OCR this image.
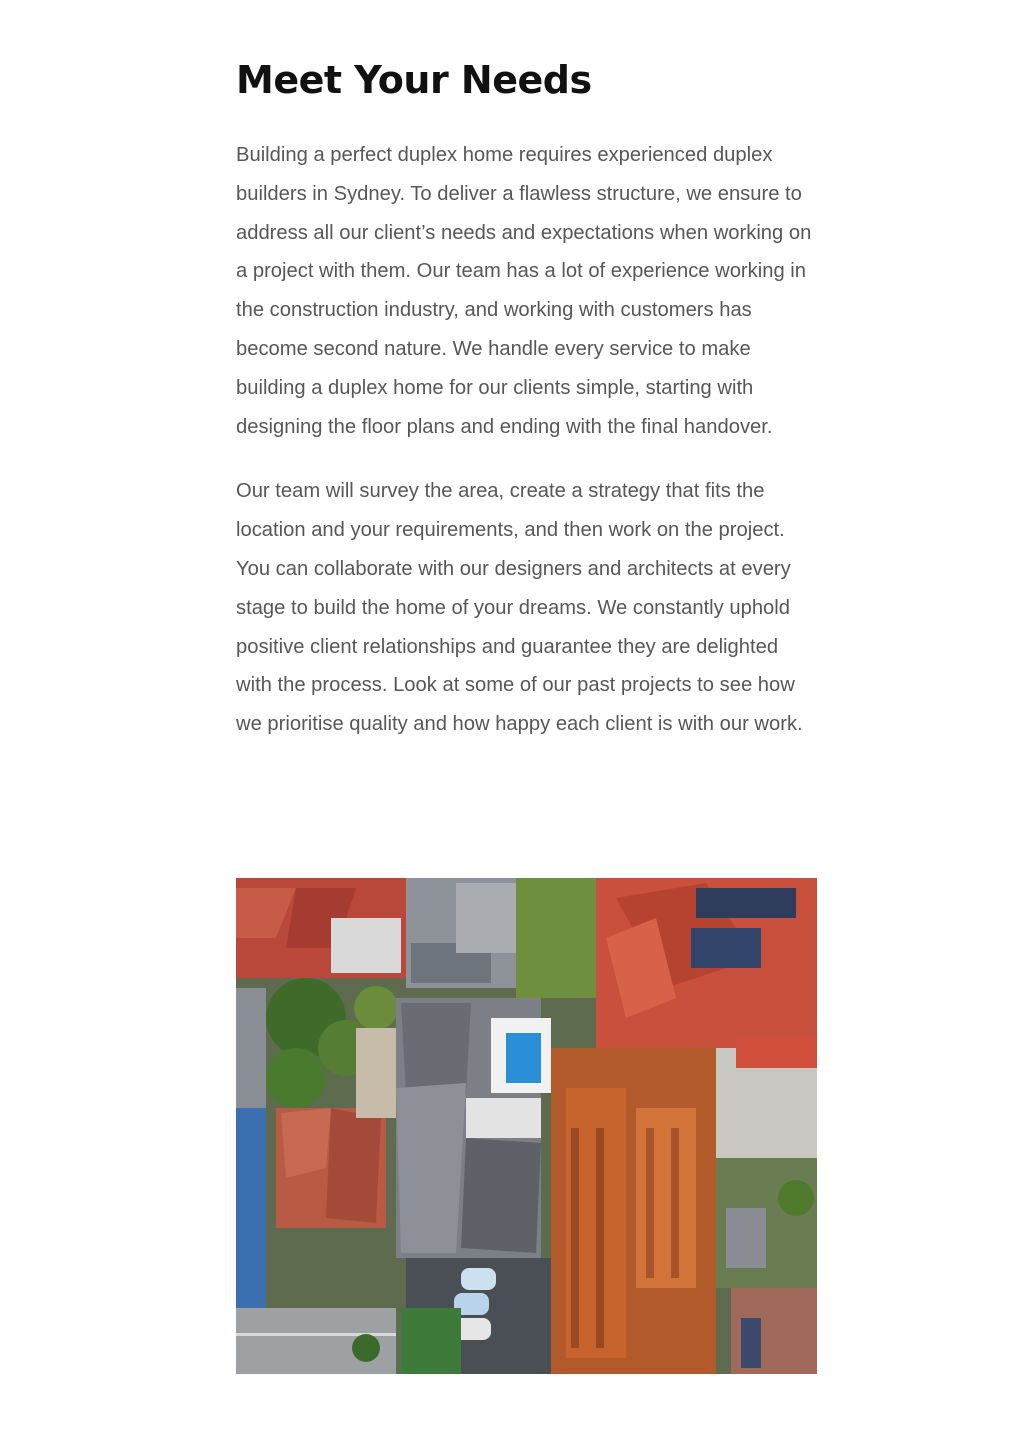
Meet Your Needs

Building a perfect duplex home requires experienced duplex builders in Sydney. To deliver a flawless structure, we ensure to address all our client’s needs and expectations when working on a project with them. Our team has a lot of experience working in the construction industry, and working with customers has become second nature. We handle every service to make building a duplex home for our clients simple, starting with designing the floor plans and ending with the final handover.

Our team will survey the area, create a strategy that fits the location and your requirements, and then work on the project. You can collaborate with our designers and architects at every stage to build the home of your dreams. We constantly uphold positive client relationships and guarantee they are delighted with the process. Look at some of our past projects to see how we prioritise quality and how happy each client is with our work.
